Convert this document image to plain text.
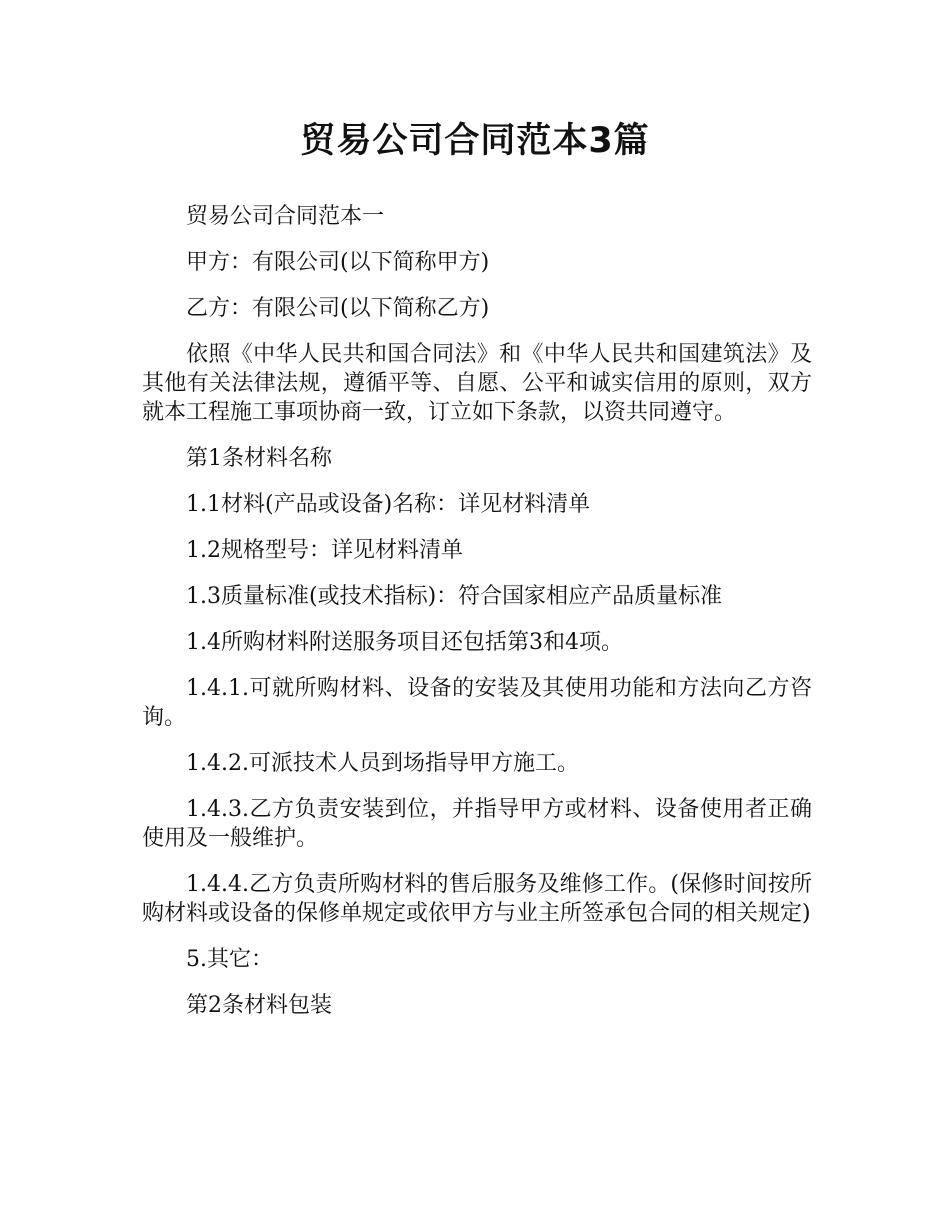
贸易公司合同范本3篇

贸易公司合同范本一

甲方：有限公司(以下简称甲方)

乙方：有限公司(以下简称乙方)

依照《中华人民共和国合同法》和《中华人民共和国建筑法》及其他有关法律法规，遵循平等、自愿、公平和诚实信用的原则，双方就本工程施工事项协商一致，订立如下条款，以资共同遵守。

第1条材料名称

1.1材料(产品或设备)名称：详见材料清单

1.2规格型号：详见材料清单

1.3质量标准(或技术指标)：符合国家相应产品质量标准

1.4所购材料附送服务项目还包括第3和4项。

1.4.1.可就所购材料、设备的安装及其使用功能和方法向乙方咨询。

1.4.2.可派技术人员到场指导甲方施工。

1.4.3.乙方负责安装到位，并指导甲方或材料、设备使用者正确使用及一般维护。

1.4.4.乙方负责所购材料的售后服务及维修工作。(保修时间按所购材料或设备的保修单规定或依甲方与业主所签承包合同的相关规定)

5.其它：

第2条材料包装
